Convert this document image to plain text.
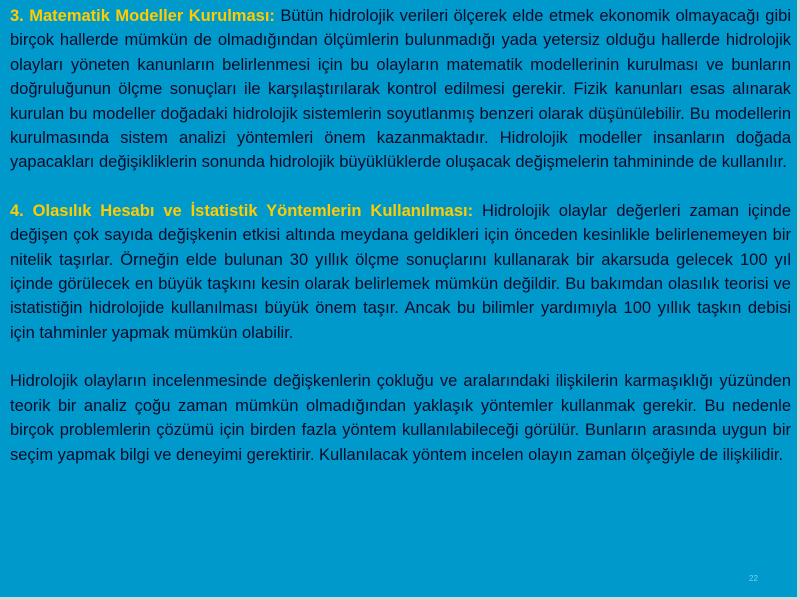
3. Matematik Modeller Kurulması: Bütün hidrolojik verileri ölçerek elde etmek ekonomik olmayacağı gibi birçok hallerde mümkün de olmadığından ölçümlerin bulunmadığı yada yetersiz olduğu hallerde hidrolojik olayları yöneten kanunların belirlenmesi için bu olayların matematik modellerinin kurulması ve bunların doğruluğunun ölçme sonuçları ile karşılaştırılarak kontrol edilmesi gerekir. Fizik kanunları esas alınarak kurulan bu modeller doğadaki hidrolojik sistemlerin soyutlanmış benzeri olarak düşünülebilir. Bu modellerin kurulmasında sistem analizi yöntemleri önem kazanmaktadır. Hidrolojik modeller insanların doğada yapacakları değişikliklerin sonunda hidrolojik büyüklüklerde oluşacak değişmelerin tahmininde de kullanılır.

4. Olasılık Hesabı ve İstatistik Yöntemlerin Kullanılması: Hidrolojik olaylar değerleri zaman içinde değişen çok sayıda değişkenin etkisi altında meydana geldikleri için önceden kesinlikle belirlenemeyen bir nitelik taşırlar. Örneğin elde bulunan 30 yıllık ölçme sonuçlarını kullanarak bir akarsuda gelecek 100 yıl içinde görülecek en büyük taşkını kesin olarak belirlemek mümkün değildir. Bu bakımdan olasılık teorisi ve istatistiğin hidrolojide kullanılması büyük önem taşır. Ancak bu bilimler yardımıyla 100 yıllık taşkın debisi için tahminler yapmak mümkün olabilir.

Hidrolojik olayların incelenmesinde değişkenlerin çokluğu ve aralarındaki ilişkilerin karmaşıklığı yüzünden teorik bir analiz çoğu zaman mümkün olmadığından yaklaşık yöntemler kullanmak gerekir. Bu nedenle birçok problemlerin çözümü için birden fazla yöntem kullanılabileceği görülür. Bunların arasında uygun bir seçim yapmak bilgi ve deneyimi gerektirir. Kullanılacak yöntem incelen olayın zaman ölçeğiyle de ilişkilidir.

22
